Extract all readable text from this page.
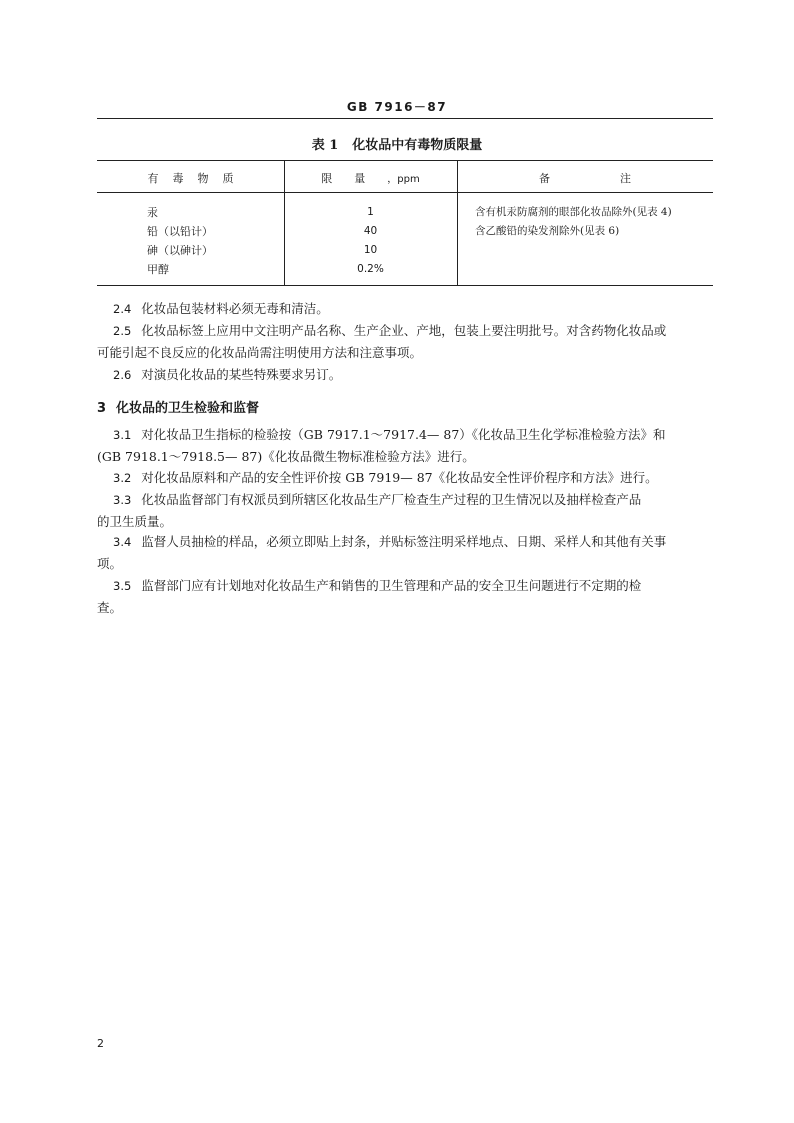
GB 7916－87
表 1 化妆品中有毒物质限量
有毒物质	限量，ppm	备注
汞	1	含有机汞防腐剂的眼部化妆品除外(见表 4)
铅（以铅计）	40	含乙酸铅的染发剂除外(见表 6)
砷（以砷计）	10
甲醇	0.2%
2.4 化妆品包装材料必须无毒和清洁。
2.5 化妆品标签上应用中文注明产品名称、生产企业、产地，包装上要注明批号。对含药物化妆品或
可能引起不良反应的化妆品尚需注明使用方法和注意事项。
2.6 对演员化妆品的某些特殊要求另订。
3 化妆品的卫生检验和监督
3.1 对化妆品卫生指标的检验按（GB 7917.1～7917.4— 87）《化妆品卫生化学标准检验方法》和
(GB 7918.1～7918.5— 87)《化妆品微生物标准检验方法》进行。
3.2 对化妆品原料和产品的安全性评价按 GB 7919— 87《化妆品安全性评价程序和方法》进行。
3.3 化妆品监督部门有权派员到所辖区化妆品生产厂检查生产过程的卫生情况以及抽样检查产品
的卫生质量。
3.4 监督人员抽检的样品，必须立即贴上封条，并贴标签注明采样地点、日期、采样人和其他有关事
项。
3.5 监督部门应有计划地对化妆品生产和销售的卫生管理和产品的安全卫生问题进行不定期的检
查。
2
